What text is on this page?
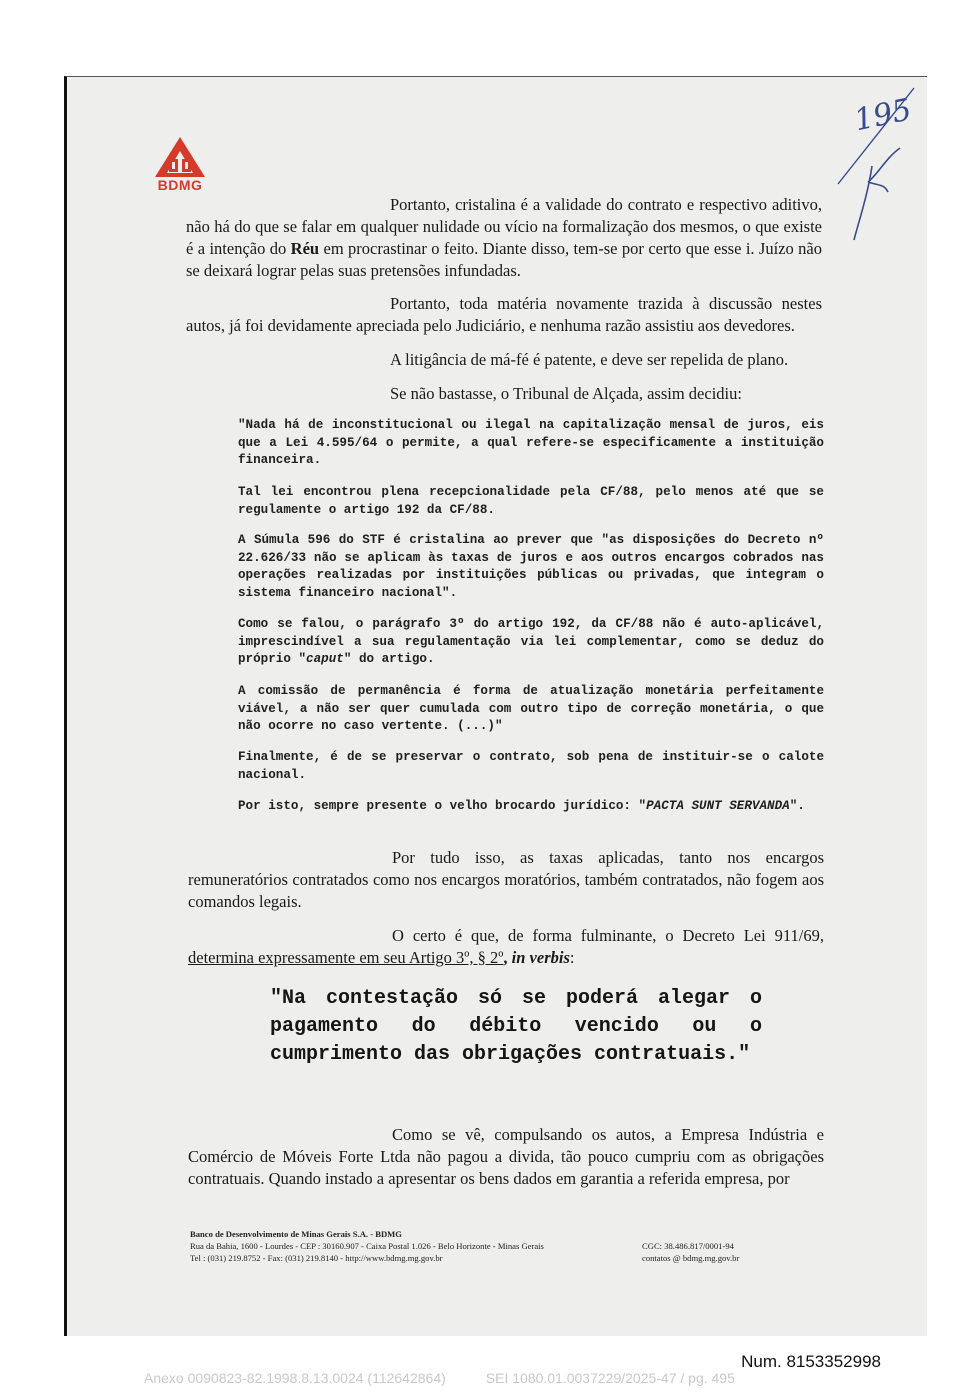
BDMG
195

Portanto, cristalina é a validade do contrato e respectivo aditivo, não há do que se falar em qualquer nulidade ou vício na formalização dos mesmos, o que existe é a intenção do Réu em procrastinar o feito. Diante disso, tem-se por certo que esse i. Juízo não se deixará lograr pelas suas pretensões infundadas.

Portanto, toda matéria novamente trazida à discussão nestes autos, já foi devidamente apreciada pelo Judiciário, e nenhuma razão assistiu aos devedores.

A litigância de má-fé é patente, e deve ser repelida de plano.

Se não bastasse, o Tribunal de Alçada, assim decidiu:

"Nada há de inconstitucional ou ilegal na capitalização mensal de juros, eis que a Lei 4.595/64 o permite, a qual refere-se especificamente a instituição financeira.

Tal lei encontrou plena recepcionalidade pela CF/88, pelo menos até que se regulamente o artigo 192 da CF/88.

A Súmula 596 do STF é cristalina ao prever que "as disposições do Decreto nº 22.626/33 não se aplicam às taxas de juros e aos outros encargos cobrados nas operações realizadas por instituições públicas ou privadas, que integram o sistema financeiro nacional".

Como se falou, o parágrafo 3º do artigo 192, da CF/88 não é auto-aplicável, imprescindível a sua regulamentação via lei complementar, como se deduz do próprio "caput" do artigo.

A comissão de permanência é forma de atualização monetária perfeitamente viável, a não ser quer cumulada com outro tipo de correção monetária, o que não ocorre no caso vertente. (...)"

Finalmente, é de se preservar o contrato, sob pena de instituir-se o calote nacional.

Por isto, sempre presente o velho brocardo jurídico: "PACTA SUNT SERVANDA".

Por tudo isso, as taxas aplicadas, tanto nos encargos remuneratórios contratados como nos encargos moratórios, também contratados, não fogem aos comandos legais.

O certo é que, de forma fulminante, o Decreto Lei 911/69, determina expressamente em seu Artigo 3º, § 2º, in verbis:

"Na contestação só se poderá alegar o pagamento do débito vencido ou o cumprimento das obrigações contratuais."

Como se vê, compulsando os autos, a Empresa Indústria e Comércio de Móveis Forte Ltda não pagou a divida, tão pouco cumpriu com as obrigações contratuais. Quando instado a apresentar os bens dados em garantia a referida empresa, por

Banco de Desenvolvimento de Minas Gerais S.A. - BDMG
Rua da Bahia, 1600 - Lourdes - CEP : 30160.907 - Caixa Postal 1.026 - Belo Horizonte - Minas Gerais	CGC: 38.486.817/0001-94
Tel : (031) 219.8752 - Fax: (031) 219.8140 - http://www.bdmg.mg.gov.br	contatos @ bdmg.mg.gov.br
Num. 8153352998
Anexo 0090823-82.1998.8.13.0024 (112642864)	SEI 1080.01.0037229/2025-47 / pg. 495
